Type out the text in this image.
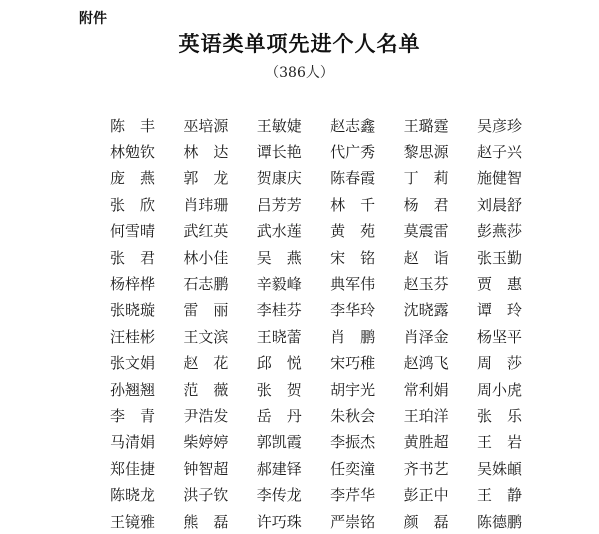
附件
英语类单项先进个人名单
（386人）
陈　丰	巫培源	王敏婕	赵志鑫	王璐霆	吴彦珍
林勉钦	林　达	谭长艳	代广秀	黎思源	赵子兴
庞　燕	郭　龙	贺康庆	陈春霞	丁　莉	施健智
张　欣	肖玮珊	吕芳芳	林　千	杨　君	刘晨舒
何雪晴	武红英	武水莲	黄　苑	莫震雷	彭燕莎
张　君	林小佳	吴　燕	宋　铭	赵　诣	张玉勤
杨梓桦	石志鹏	辛毅峰	典军伟	赵玉芬	贾　惠
张晓璇	雷　丽	李桂芬	李华玲	沈晓露	谭　玲
汪桂彬	王文滨	王晓蕾	肖　鹏	肖泽金	杨坚平
张文娟	赵　花	邱　悦	宋巧稚	赵鸿飞	周　莎
孙翘翘	范　薇	张　贺	胡宇光	常利娟	周小虎
李　青	尹浩发	岳　丹	朱秋会	王珀洋	张　乐
马清娟	柴婷婷	郭凯霞	李振杰	黄胜超	王　岩
郑佳捷	钟智超	郝建铎	任奕潼	齐书艺	吴姝頔
陈晓龙	洪子钦	李传龙	李芹华	彭正中	王　静
王镜雅	熊　磊	许巧珠	严崇铭	颜　磊	陈德鹏
